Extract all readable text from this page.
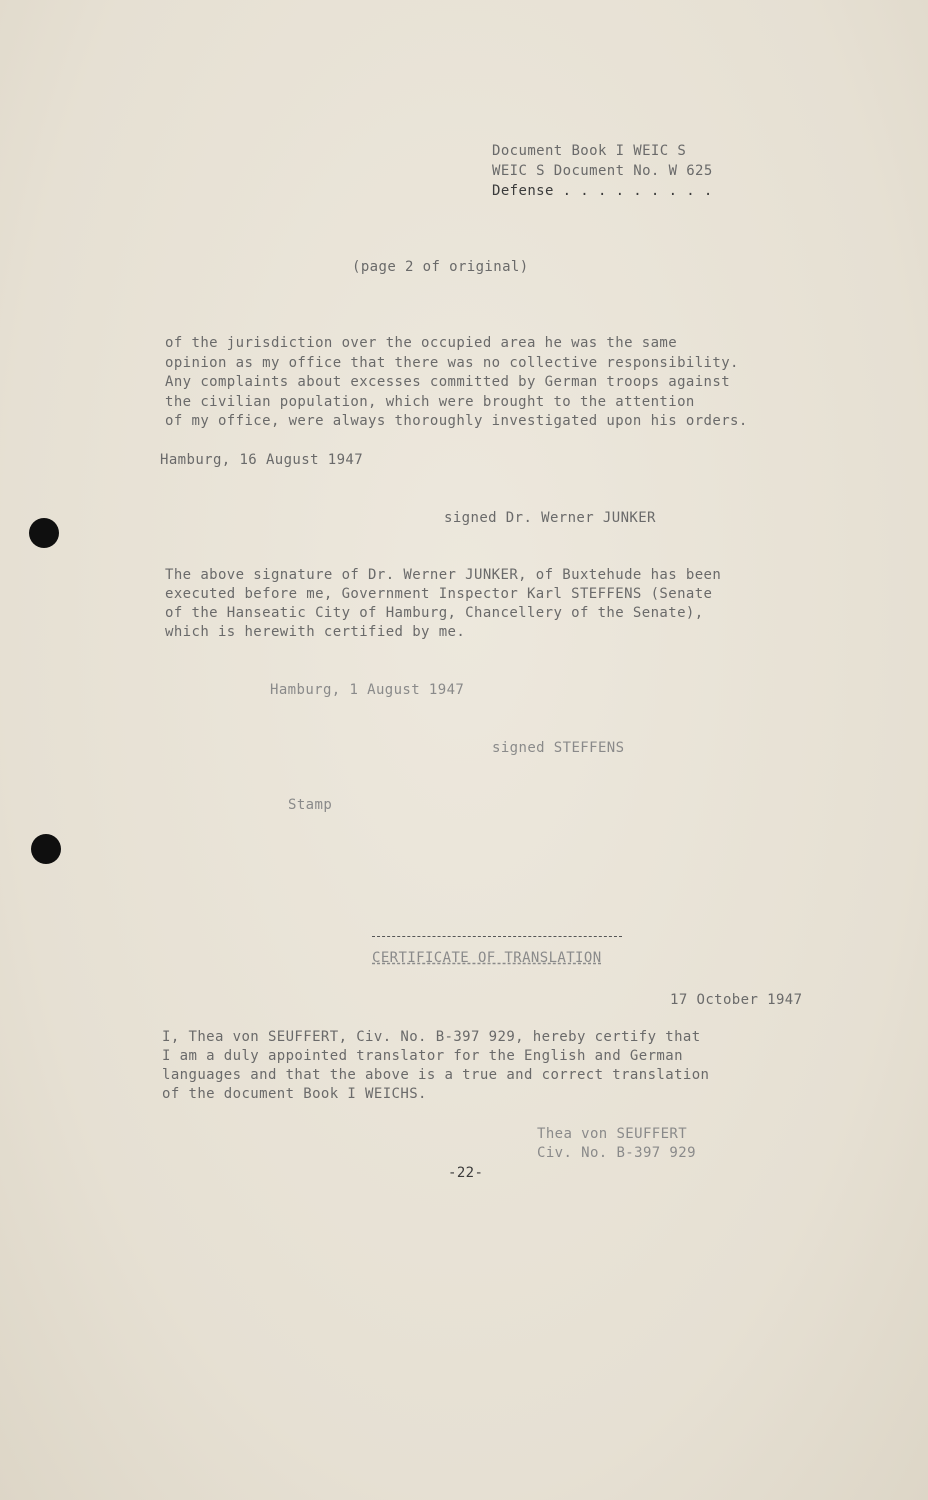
Document Book I WEIC S
WEIC S Document No. W 625
Defense . . . . . . . . .
(page 2 of original)
of the jurisdiction over the occupied area he was the same
opinion as my office that there was no collective responsibility.
Any complaints about excesses committed by German troops against
the civilian population, which were brought to the attention
of my office, were always thoroughly investigated upon his orders.
Hamburg, 16 August 1947
signed Dr. Werner JUNKER
The above signature of Dr. Werner JUNKER, of Buxtehude has been
executed before me, Government Inspector Karl STEFFENS (Senate
of the Hanseatic City of Hamburg, Chancellery of the Senate),
which is herewith certified by me.
Hamburg, 1 August 1947
signed STEFFENS
Stamp
CERTIFICATE OF TRANSLATION
17 October 1947
I, Thea von SEUFFERT, Civ. No. B-397 929, hereby certify that
I am a duly appointed translator for the English and German
languages and that the above is a true and correct translation
of the document Book I WEICHS.
Thea von SEUFFERT
Civ. No. B-397 929
-22-
